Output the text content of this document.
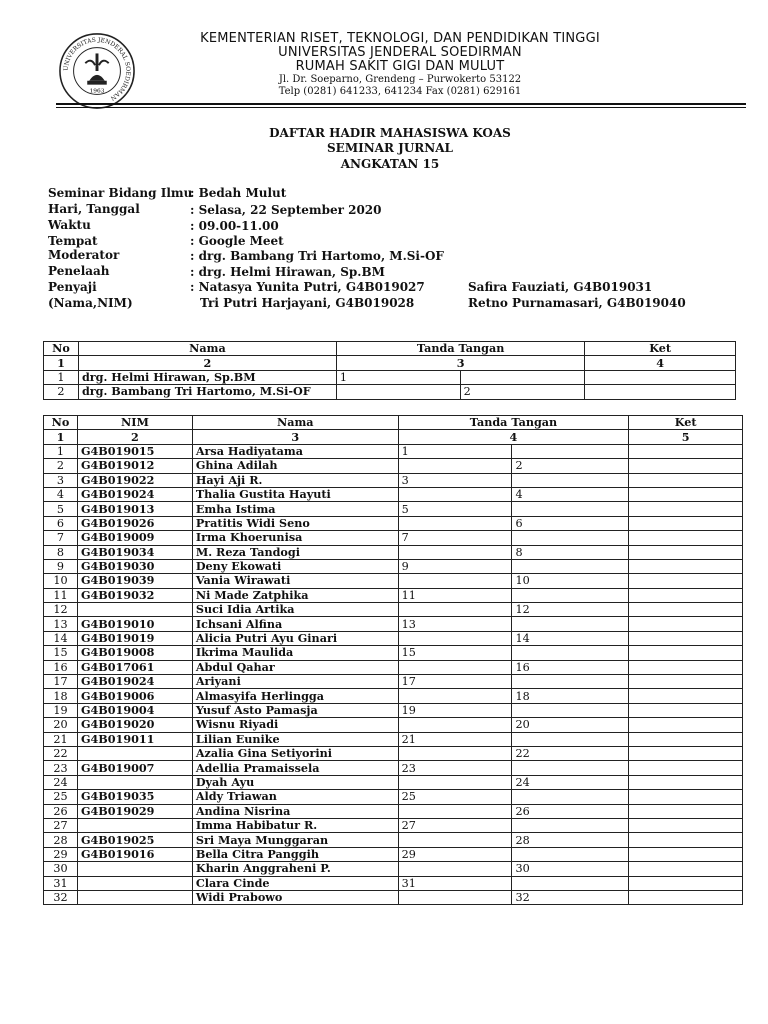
UNIVERSITAS JENDERAL SOEDIRMAN
1963
KEMENTERIAN RISET, TEKNOLOGI, DAN PENDIDIKAN TINGGI
UNIVERSITAS JENDERAL SOEDIRMAN
RUMAH SAKIT GIGI DAN MULUT
Jl. Dr. Soeparno, Grendeng – Purwokerto 53122
Telp (0281) 641233, 641234 Fax (0281) 629161
DAFTAR HADIR MAHASISWA KOAS
SEMINAR JURNAL
ANGKATAN 15
Seminar Bidang Ilmu
: Bedah Mulut
Hari, Tanggal	: Selasa, 22 September 2020
Waktu	: 09.00-11.00
Tempat	: Google Meet
Moderator	: drg. Bambang Tri Hartomo, M.Si-OF
Penelaah	: drg. Helmi Hirawan, Sp.BM
Penyaji	: Natasya Yunita Putri, G4B019027	Safira Fauziati, G4B019031
(Nama,NIM)	Tri Putri Harjayani, G4B019028	Retno Purnamasari, G4B019040
No	Nama	Tanda Tangan		Ket
1	2	3		4
1	drg. Helmi Hirawan, Sp.BM	1		
2	drg. Bambang Tri Hartomo, M.Si-OF		2	
No	NIM	Nama	Tanda Tangan		Ket
1	2	3	4		5
1	G4B019015	Arsa Hadiyatama	1		
2	G4B019012	Ghina Adilah		2	
3	G4B019022	Hayi Aji R.	3		
4	G4B019024	Thalia Gustita Hayuti		4	
5	G4B019013	Emha Istima	5		
6	G4B019026	Pratitis Widi Seno		6	
7	G4B019009	Irma Khoerunisa	7		
8	G4B019034	M. Reza Tandogi		8	
9	G4B019030	Deny Ekowati	9		
10	G4B019039	Vania Wirawati		10	
11	G4B019032	Ni Made Zatphika	11		
12		Suci Idia Artika		12	
13	G4B019010	Ichsani Alfina	13		
14	G4B019019	Alicia Putri Ayu Ginari		14	
15	G4B019008	Ikrima Maulida	15		
16	G4B017061	Abdul Qahar		16	
17	G4B019024	Ariyani	17		
18	G4B019006	Almasyifa Herlingga		18	
19	G4B019004	Yusuf Asto Pamasja	19		
20	G4B019020	Wisnu Riyadi		20	
21	G4B019011	Lilian Eunike	21		
22		Azalia Gina Setiyorini		22	
23	G4B019007	Adellia Pramaissela	23		
24		Dyah Ayu		24	
25	G4B019035	Aldy Triawan	25		
26	G4B019029	Andina Nisrina		26	
27		Imma Habibatur R.	27		
28	G4B019025	Sri Maya Munggaran		28	
29	G4B019016	Bella Citra Panggih	29		
30		Kharin Anggraheni P.		30	
31		Clara Cinde	31		
32		Widi Prabowo		32	
